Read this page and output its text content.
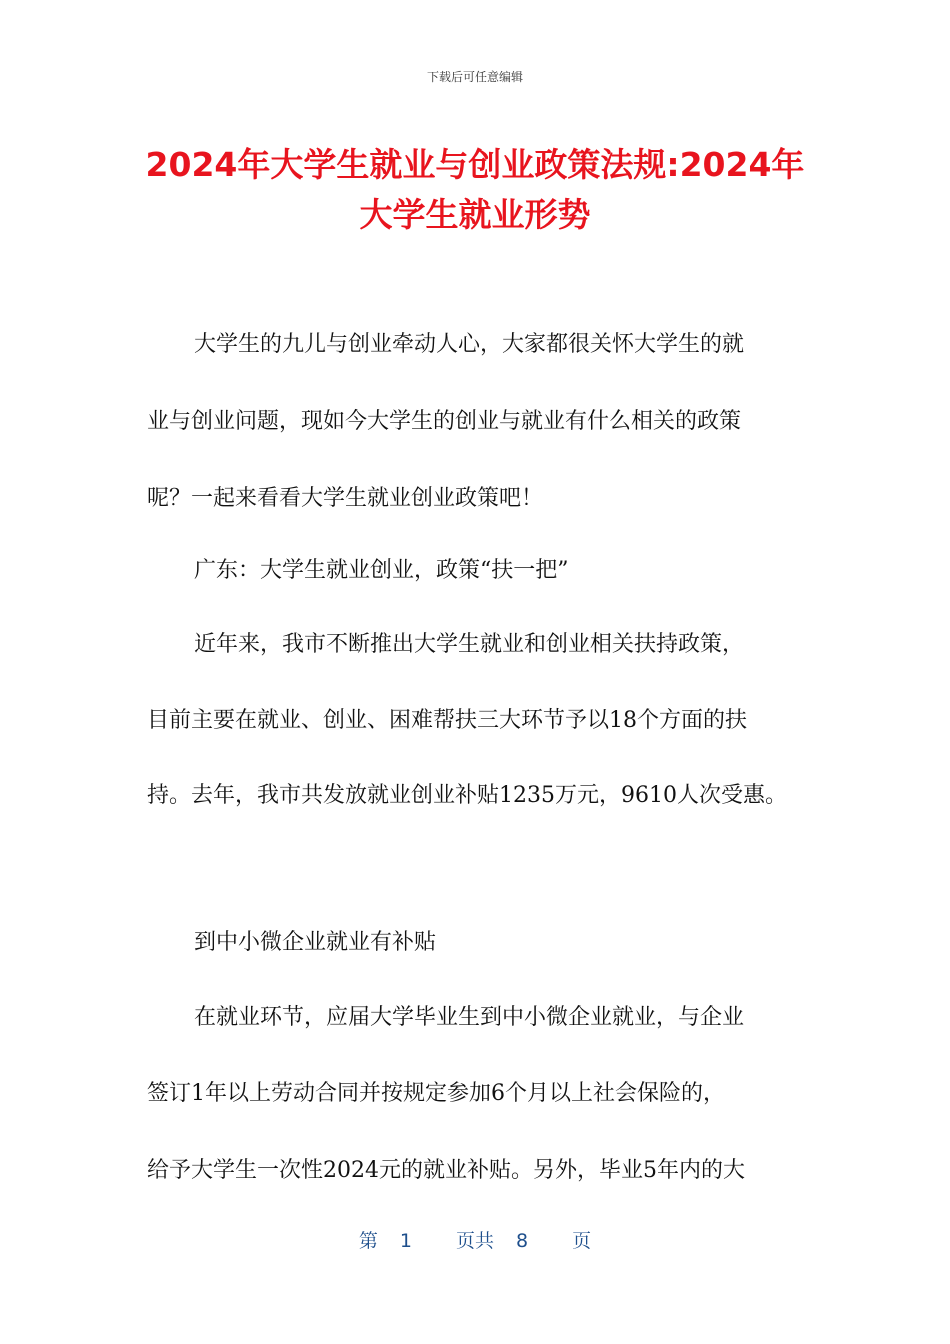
下载后可任意编辑
2024年大学生就业与创业政策法规:2024年
大学生就业形势
大学生的九儿与创业牵动人心，大家都很关怀大学生的就
业与创业问题，现如今大学生的创业与就业有什么相关的政策
呢？一起来看看大学生就业创业政策吧！
广东：大学生就业创业，政策“扶一把”
近年来，我市不断推出大学生就业和创业相关扶持政策，
目前主要在就业、创业、困难帮扶三大环节予以18个方面的扶
持。去年，我市共发放就业创业补贴1235万元，9610人次受惠。
到中小微企业就业有补贴
在就业环节，应届大学毕业生到中小微企业就业，与企业
签订1年以上劳动合同并按规定参加6个月以上社会保险的，
给予大学生一次性2024元的就业补贴。另外，毕业5年内的大
第 1 页共 8 页
